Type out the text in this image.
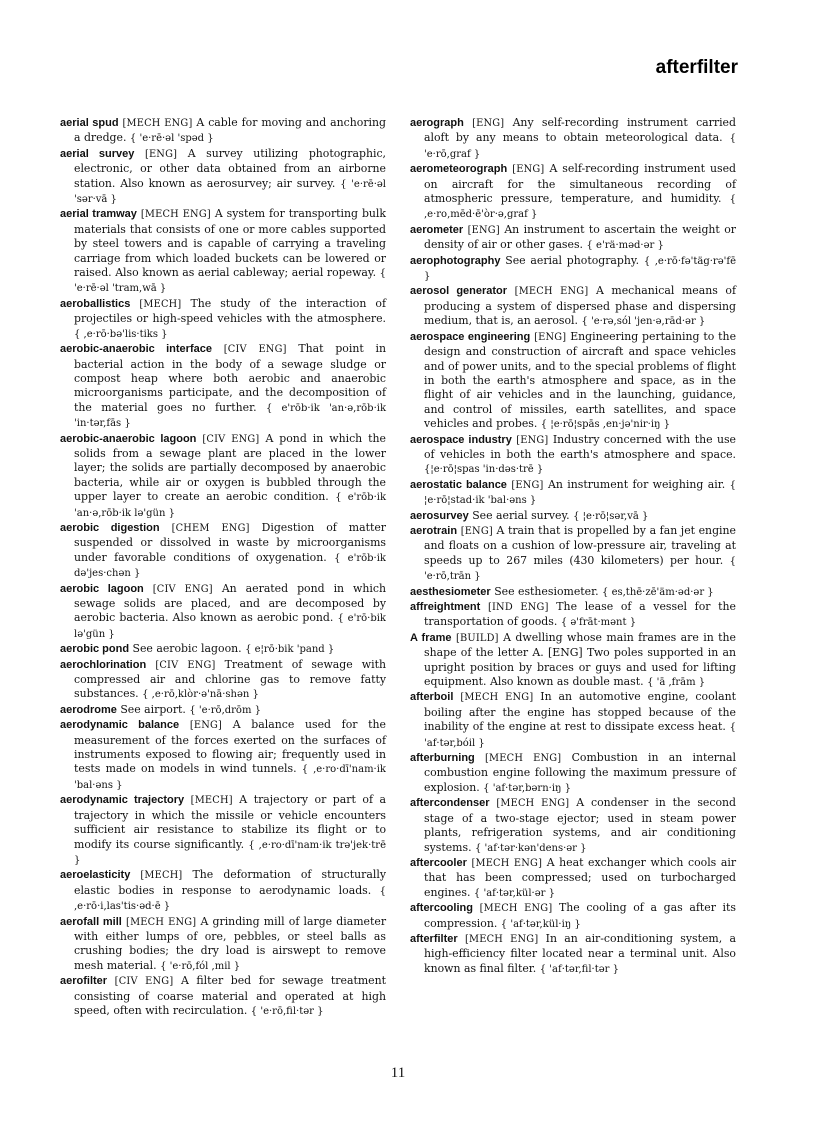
afterfilter

aerial spud [MECH ENG] A cable for moving and anchoring a dredge. { 'e·rē·əl 'spəd }

aerial survey [ENG] A survey utilizing photographic, electronic, or other data obtained from an airborne station. Also known as aerosurvey; air survey. { 'e·rē·əl 'sər·vā }

aerial tramway [MECH ENG] A system for transporting bulk materials that consists of one or more cables supported by steel towers and is capable of carrying a traveling carriage from which loaded buckets can be lowered or raised. Also known as aerial cableway; aerial ropeway. { 'e·rē·əl 'tram,wā }

aeroballistics [MECH] The study of the interaction of projectiles or high-speed vehicles with the atmosphere. { ,e·rō·bə'lis·tiks }

aerobic-anaerobic interface [CIV ENG] That point in bacterial action in the body of a sewage sludge or compost heap where both aerobic and anaerobic microorganisms participate, and the decomposition of the material goes no further. { e'rōb·ik 'an·ə,rōb·ik 'in·tər,fās }

aerobic-anaerobic lagoon [CIV ENG] A pond in which the solids from a sewage plant are placed in the lower layer; the solids are partially decomposed by anaerobic bacteria, while air or oxygen is bubbled through the upper layer to create an aerobic condition. { e'rōb·ik 'an·ə,rōb·ik lə'gün }

aerobic digestion [CHEM ENG] Digestion of matter suspended or dissolved in waste by microorganisms under favorable conditions of oxygenation. { e'rōb·ik də'jes·chən }

aerobic lagoon [CIV ENG] An aerated pond in which sewage solids are placed, and are decomposed by aerobic bacteria. Also known as aerobic pond. { e'rō·bik lə'gün }

aerobic pond See aerobic lagoon. { e¦rō·bik 'pand }

aerochlorination [CIV ENG] Treatment of sewage with compressed air and chlorine gas to remove fatty substances. { ,e·rō,klòr·ə'nā·shən }

aerodrome See airport. { 'e·rō,drōm }

aerodynamic balance [ENG] A balance used for the measurement of the forces exerted on the surfaces of instruments exposed to flowing air; frequently used in tests made on models in wind tunnels. { ,e·ro·dī'nam·ik 'bal·əns }

aerodynamic trajectory [MECH] A trajectory or part of a trajectory in which the missile or vehicle encounters sufficient air resistance to stabilize its flight or to modify its course significantly. { ,e·ro·dī'nam·ik trə'jek·trē }

aeroelasticity [MECH] The deformation of structurally elastic bodies in response to aerodynamic loads. { ,e·rō·i,las'tis·əd·ē }

aerofall mill [MECH ENG] A grinding mill of large diameter with either lumps of ore, pebbles, or steel balls as crushing bodies; the dry load is airswept to remove mesh material. { 'e·rō,fól ,mil }

aerofilter [CIV ENG] A filter bed for sewage treatment consisting of coarse material and operated at high speed, often with recirculation. { 'e·rō,fil·tər }

aerograph [ENG] Any self-recording instrument carried aloft by any means to obtain meteorological data. { 'e·rō,graf }

aerometeorograph [ENG] A self-recording instrument used on aircraft for the simultaneous recording of atmospheric pressure, temperature, and humidity. { ,e·ro,mēd·ē'òr·ə,graf }

aerometer [ENG] An instrument to ascertain the weight or density of air or other gases. { e'rä·məd·ər }

aerophotography See aerial photography. { ,e·rō·fə'täg·rə'fē }

aerosol generator [MECH ENG] A mechanical means of producing a system of dispersed phase and dispersing medium, that is, an aerosol. { 'e·rə,sól 'jen·ə,rād·ər }

aerospace engineering [ENG] Engineering pertaining to the design and construction of aircraft and space vehicles and of power units, and to the special problems of flight in both the earth's atmosphere and space, as in the flight of air vehicles and in the launching, guidance, and control of missiles, earth satellites, and space vehicles and probes. { ¦e·rō¦spās ,en·jə'nir·iŋ }

aerospace industry [ENG] Industry concerned with the use of vehicles in both the earth's atmosphere and space. {¦e·rō¦spas 'in·dəs·trē }

aerostatic balance [ENG] An instrument for weighing air. { ¦e·rō¦stad·ik 'bal·əns }

aerosurvey See aerial survey. { ¦e·rō¦sər,vā }

aerotrain [ENG] A train that is propelled by a fan jet engine and floats on a cushion of low-pressure air, traveling at speeds up to 267 miles (430 kilometers) per hour. { 'e·rō,trān }

aesthesiometer See esthesiometer. { es,thē·zē'äm·əd·ər }

affreightment [IND ENG] The lease of a vessel for the transportation of goods. { ə'frāt·mənt }

A frame [BUILD] A dwelling whose main frames are in the shape of the letter A. [ENG] Two poles supported in an upright position by braces or guys and used for lifting equipment. Also known as double mast. { 'ā ,frām }

afterboil [MECH ENG] In an automotive engine, coolant boiling after the engine has stopped because of the inability of the engine at rest to dissipate excess heat. { 'af·tər,bóil }

afterburning [MECH ENG] Combustion in an internal combustion engine following the maximum pressure of explosion. { 'af·tər,bərn·iŋ }

aftercondenser [MECH ENG] A condenser in the second stage of a two-stage ejector; used in steam power plants, refrigeration systems, and air conditioning systems. { 'af·tər·kən'dens·ər }

aftercooler [MECH ENG] A heat exchanger which cools air that has been compressed; used on turbocharged engines. { 'af·tər,kül·ər }

aftercooling [MECH ENG] The cooling of a gas after its compression. { 'af·tər,kül·iŋ }

afterfilter [MECH ENG] In an air-conditioning system, a high-efficiency filter located near a terminal unit. Also known as final filter. { 'af·tər,fil·tər }

11
